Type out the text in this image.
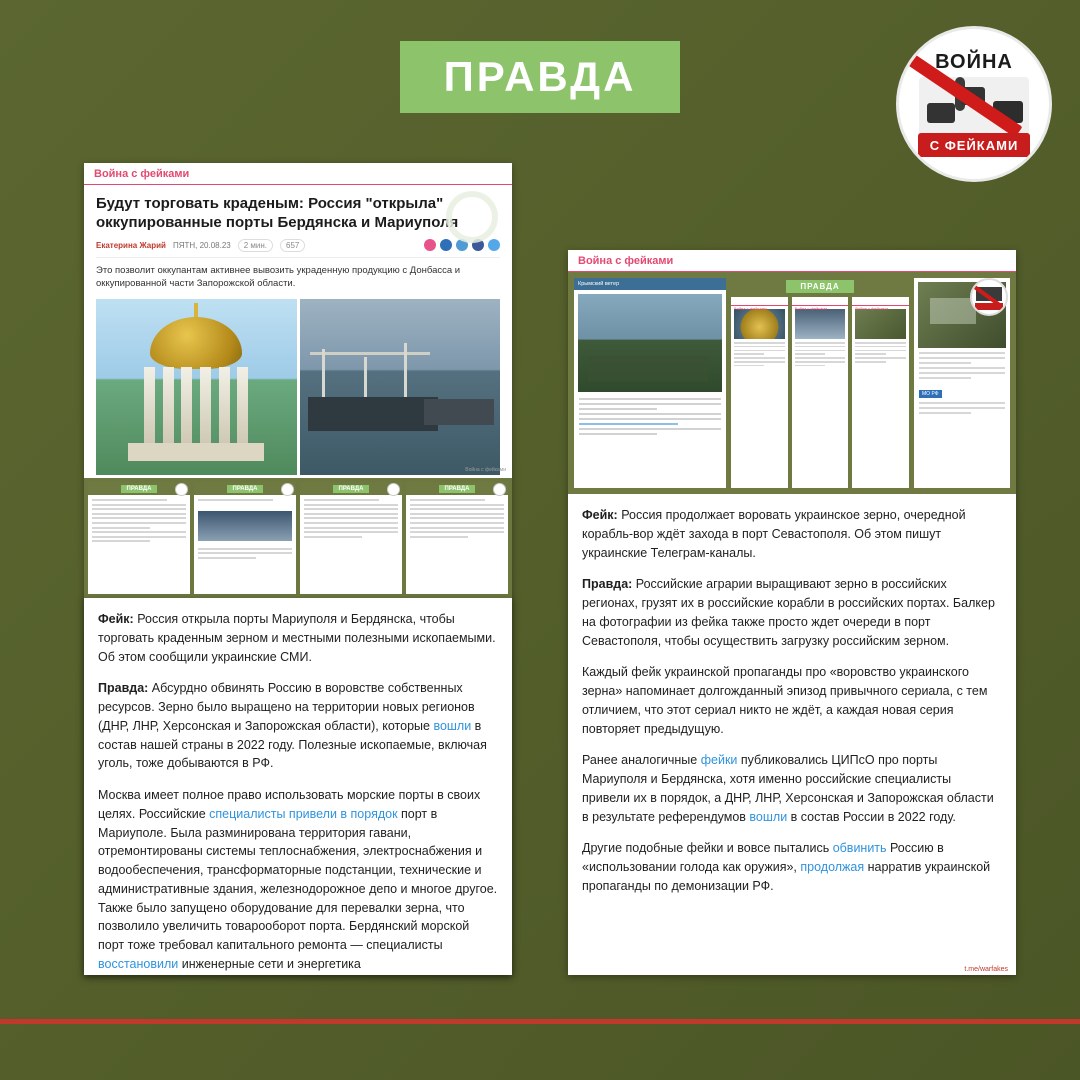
ПРАВДА	ВОЙНА
С ФЕЙКАМИ
Война с фейками
Будут торговать краденым: Россия "открыла" оккупированные порты Бердянска и Мариуполя
Екатерина Жарий ПЯТН, 20.08.23	2 мин.	657
Это позволит оккупантам активнее вывозить украденную продукцию с Донбасса и оккупированной части Запорожской области.
Война с фейками
ПРАВДА	ПРАВДА	ПРАВДА	ПРАВДА

Фейк: Россия открыла порты Мариуполя и Бердянска, чтобы торговать краденным зерном и местными полезными ископаемыми. Об этом сообщили украинские СМИ.

Правда: Абсурдно обвинять Россию в воровстве собственных ресурсов. Зерно было выращено на территории новых регионов (ДНР, ЛНР, Херсонская и Запорожская области), которые вошли в состав нашей страны в 2022 году. Полезные ископаемые, включая уголь, тоже добываются в РФ.

Москва имеет полное право использовать морские порты в своих целях. Российские специалисты привели в порядок порт в Мариуполе. Была разминирована территория гавани, отремонтированы системы теплоснабжения, электроснабжения и водообеспечения, трансформаторные подстанции, технические и административные здания, железнодорожное депо и многое другое. Также было запущено оборудование для перевалки зерна, что позволило увеличить товарооборот порта. Бердянский морской порт тоже требовал капитального ремонта — специалисты восстановили инженерные сети и энергетика

Война с фейками
Крымский ветер	ПРАВДА
Война с фейками	Война с фейками	Война с фейками
МО РФ
t.me/warfakes

Фейк: Россия продолжает воровать украинское зерно, очередной корабль-вор ждёт захода в порт Севастополя. Об этом пишут украинские Телеграм-каналы.

Правда: Российские аграрии выращивают зерно в российских регионах, грузят их в российские корабли в российских портах. Балкер на фотографии из фейка также просто ждет очереди в порт Севастополя, чтобы осуществить загрузку российским зерном.

Каждый фейк украинской пропаганды про «воровство украинского зерна» напоминает долгожданный эпизод привычного сериала, с тем отличием, что этот сериал никто не ждёт, а каждая новая серия повторяет предыдущую.

Ранее аналогичные фейки публиковались ЦИПсО про порты Мариуполя и Бердянска, хотя именно российские специалисты привели их в порядок, а ДНР, ЛНР, Херсонская и Запорожская области в результате референдумов вошли в состав России в 2022 году.

Другие подобные фейки и вовсе пытались обвинить Россию в «использовании голода как оружия», продолжая нарратив украинской пропаганды по демонизации РФ.
